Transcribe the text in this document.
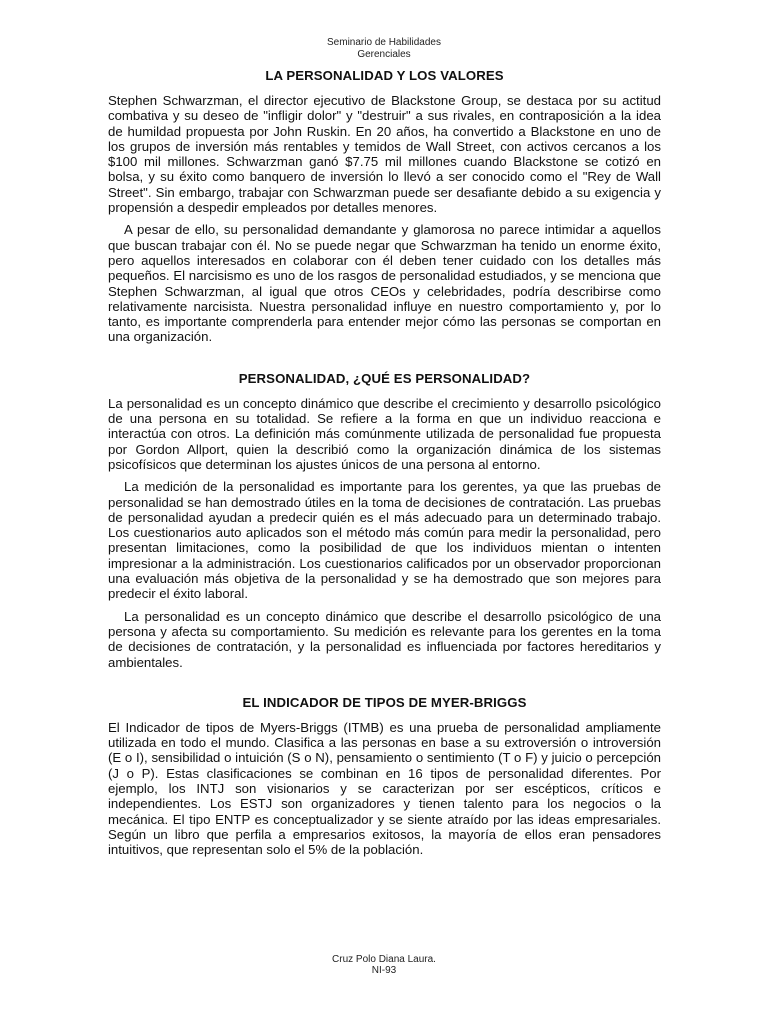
Seminario de Habilidades
Gerenciales
LA PERSONALIDAD Y LOS VALORES

Stephen Schwarzman, el director ejecutivo de Blackstone Group, se destaca por su actitud combativa y su deseo de "infligir dolor" y "destruir" a sus rivales, en contraposición a la idea de humildad propuesta por John Ruskin. En 20 años, ha convertido a Blackstone en uno de los grupos de inversión más rentables y temidos de Wall Street, con activos cercanos a los $100 mil millones. Schwarzman ganó $7.75 mil millones cuando Blackstone se cotizó en bolsa, y su éxito como banquero de inversión lo llevó a ser conocido como el "Rey de Wall Street". Sin embargo, trabajar con Schwarzman puede ser desafiante debido a su exigencia y propensión a despedir empleados por detalles menores.

A pesar de ello, su personalidad demandante y glamorosa no parece intimidar a aquellos que buscan trabajar con él. No se puede negar que Schwarzman ha tenido un enorme éxito, pero aquellos interesados en colaborar con él deben tener cuidado con los detalles más pequeños. El narcisismo es uno de los rasgos de personalidad estudiados, y se menciona que Stephen Schwarzman, al igual que otros CEOs y celebridades, podría describirse como relativamente narcisista. Nuestra personalidad influye en nuestro comportamiento y, por lo tanto, es importante comprenderla para entender mejor cómo las personas se comportan en una organización.

PERSONALIDAD, ¿QUÉ ES PERSONALIDAD?

La personalidad es un concepto dinámico que describe el crecimiento y desarrollo psicológico de una persona en su totalidad. Se refiere a la forma en que un individuo reacciona e interactúa con otros. La definición más comúnmente utilizada de personalidad fue propuesta por Gordon Allport, quien la describió como la organización dinámica de los sistemas psicofísicos que determinan los ajustes únicos de una persona al entorno.

La medición de la personalidad es importante para los gerentes, ya que las pruebas de personalidad se han demostrado útiles en la toma de decisiones de contratación. Las pruebas de personalidad ayudan a predecir quién es el más adecuado para un determinado trabajo. Los cuestionarios auto aplicados son el método más común para medir la personalidad, pero presentan limitaciones, como la posibilidad de que los individuos mientan o intenten impresionar a la administración. Los cuestionarios calificados por un observador proporcionan una evaluación más objetiva de la personalidad y se ha demostrado que son mejores para predecir el éxito laboral.

La personalidad es un concepto dinámico que describe el desarrollo psicológico de una persona y afecta su comportamiento. Su medición es relevante para los gerentes en la toma de decisiones de contratación, y la personalidad es influenciada por factores hereditarios y ambientales.

EL INDICADOR DE TIPOS DE MYER-BRIGGS

El Indicador de tipos de Myers-Briggs (ITMB) es una prueba de personalidad ampliamente utilizada en todo el mundo. Clasifica a las personas en base a su extroversión o introversión (E o I), sensibilidad o intuición (S o N), pensamiento o sentimiento (T o F) y juicio o percepción (J o P). Estas clasificaciones se combinan en 16 tipos de personalidad diferentes. Por ejemplo, los INTJ son visionarios y se caracterizan por ser escépticos, críticos e independientes. Los ESTJ son organizadores y tienen talento para los negocios o la mecánica. El tipo ENTP es conceptualizador y se siente atraído por las ideas empresariales. Según un libro que perfila a empresarios exitosos, la mayoría de ellos eran pensadores intuitivos, que representan solo el 5% de la población.

Cruz Polo Diana Laura.
NI-93
